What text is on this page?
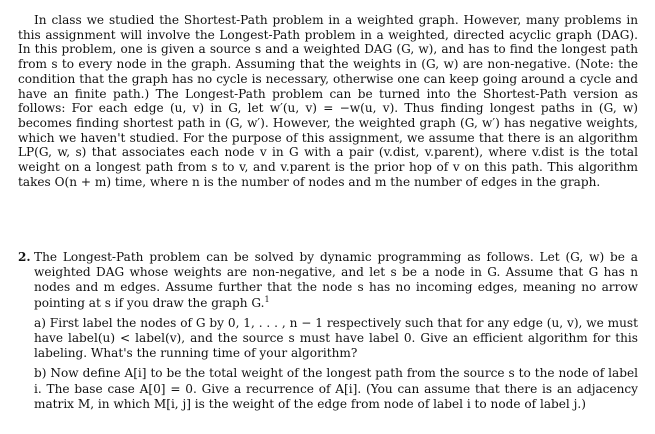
In class we studied the Shortest-Path problem in a weighted graph. However, many problems in this assignment will involve the Longest-Path problem in a weighted, directed acyclic graph (DAG). In this problem, one is given a source s and a weighted DAG (G, w), and has to find the longest path from s to every node in the graph. Assuming that the weights in (G, w) are non-negative. (Note: the condition that the graph has no cycle is necessary, otherwise one can keep going around a cycle and have an finite path.) The Longest-Path problem can be turned into the Shortest-Path version as follows: For each edge (u, v) in G, let w′(u, v) = −w(u, v). Thus finding longest paths in (G, w) becomes finding shortest path in (G, w′). However, the weighted graph (G, w′) has negative weights, which we haven't studied. For the purpose of this assignment, we assume that there is an algorithm LP(G, w, s) that associates each node v in G with a pair (v.dist, v.parent), where v.dist is the total weight on a longest path from s to v, and v.parent is the prior hop of v on this path. This algorithm takes O(n + m) time, where n is the number of nodes and m the number of edges in the graph.
2. The Longest-Path problem can be solved by dynamic programming as follows. Let (G, w) be a weighted DAG whose weights are non-negative, and let s be a node in G. Assume that G has n nodes and m edges. Assume further that the node s has no incoming edges, meaning no arrow pointing at s if you draw the graph G.$^1$
a) First label the nodes of G by 0, 1, . . . , n − 1 respectively such that for any edge (u, v), we must have label(u) < label(v), and the source s must have label 0. Give an efficient algorithm for this labeling. What's the running time of your algorithm?
b) Now define A[i] to be the total weight of the longest path from the source s to the node of label i. The base case A[0] = 0. Give a recurrence of A[i]. (You can assume that there is an adjacency matrix M, in which M[i, j] is the weight of the edge from node of label i to node of label j.)
